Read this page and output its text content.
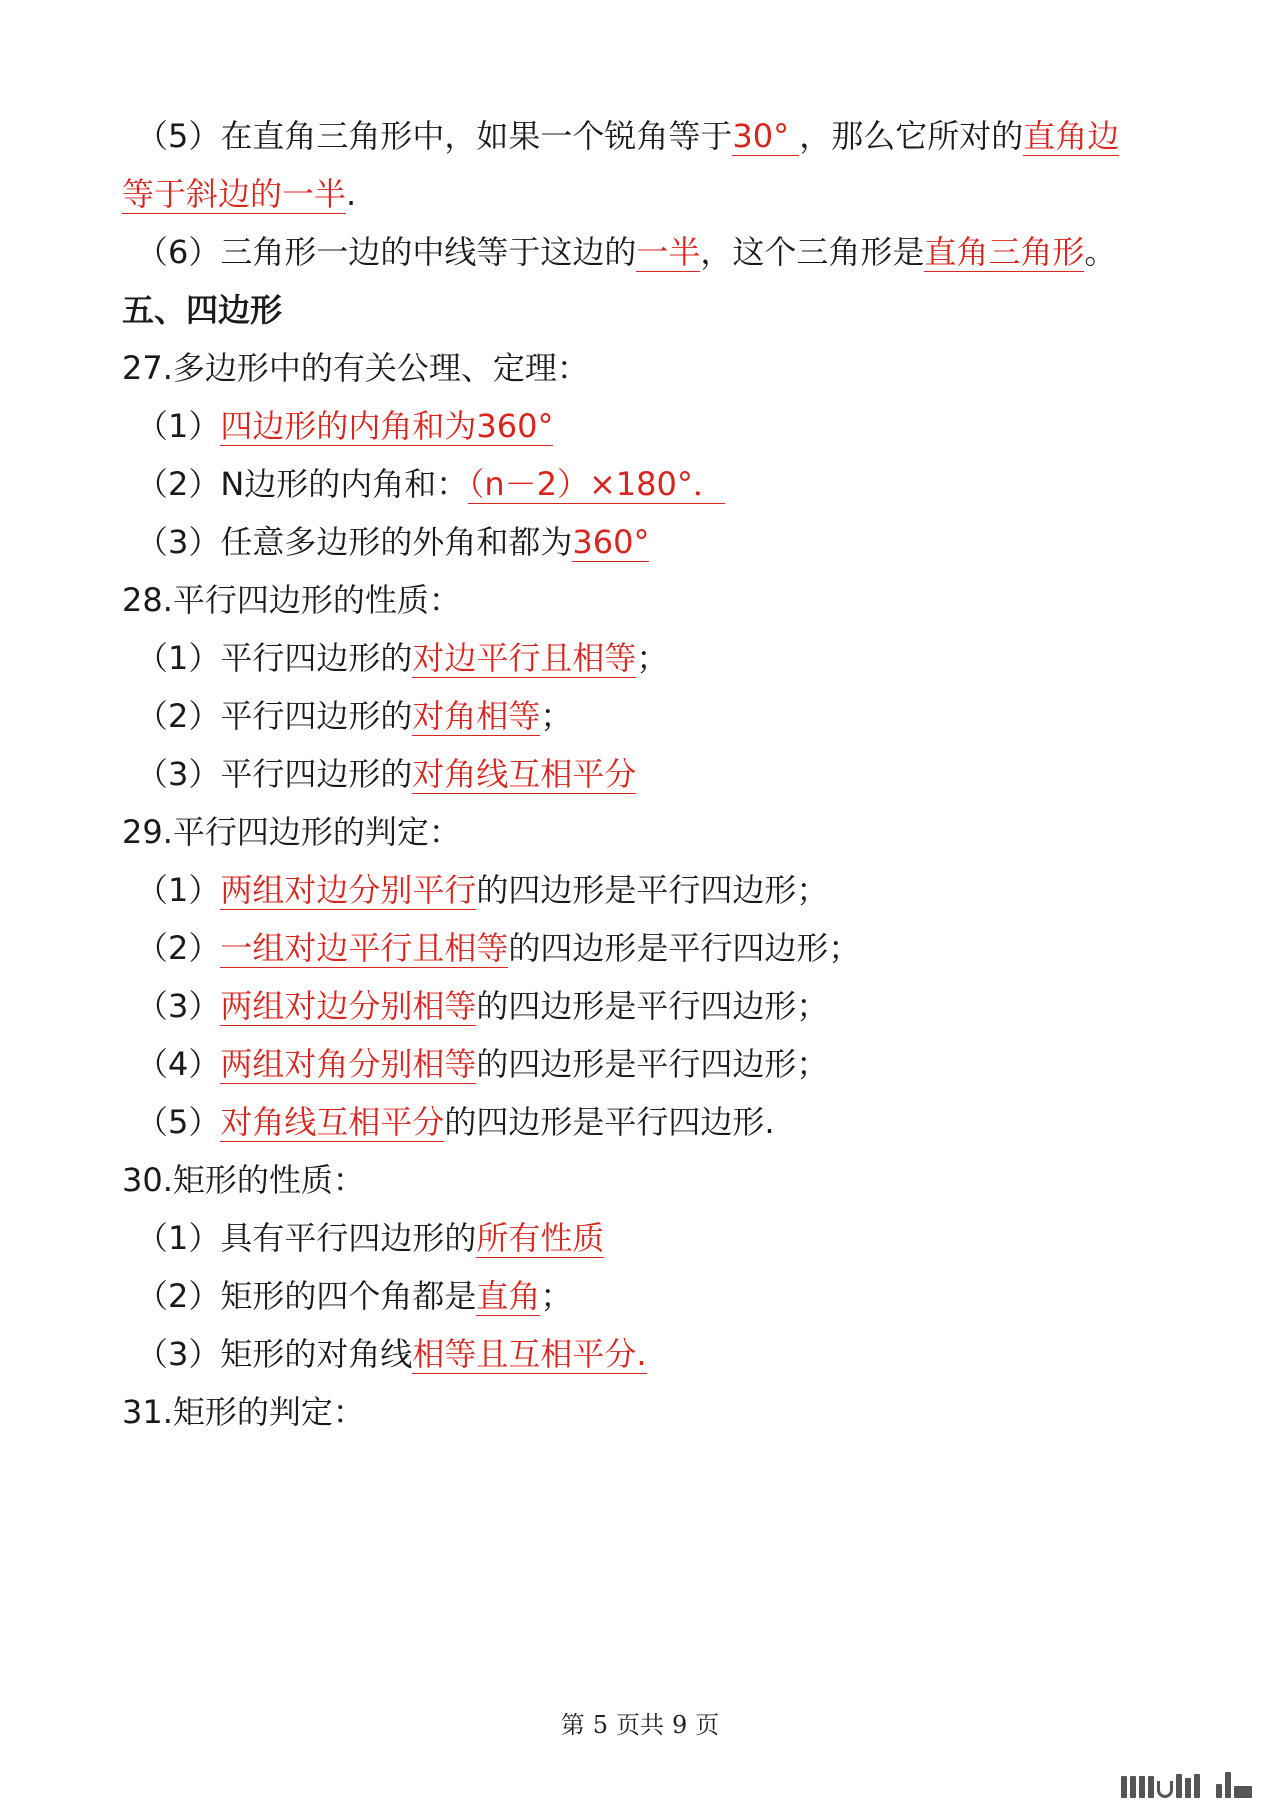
（5）在直角三角形中，如果一个锐角等于30° ，那么它所对的直角边
等于斜边的一半.
（6）三角形一边的中线等于这边的一半，这个三角形是直角三角形。
五、四边形
27.多边形中的有关公理、定理：
（1）四边形的内角和为360°
（2）N边形的内角和：（n－2）×180°．
（3）任意多边形的外角和都为360°
28.平行四边形的性质：
（1）平行四边形的对边平行且相等；
（2）平行四边形的对角相等；
（3）平行四边形的对角线互相平分
29.平行四边形的判定：
（1）两组对边分别平行的四边形是平行四边形；
（2）一组对边平行且相等的四边形是平行四边形；
（3）两组对边分别相等的四边形是平行四边形；
（4）两组对角分别相等的四边形是平行四边形；
（5）对角线互相平分的四边形是平行四边形.
30.矩形的性质：
（1）具有平行四边形的所有性质
（2）矩形的四个角都是直角；
（3）矩形的对角线相等且互相平分.
31.矩形的判定：
第 5 页共 9 页
